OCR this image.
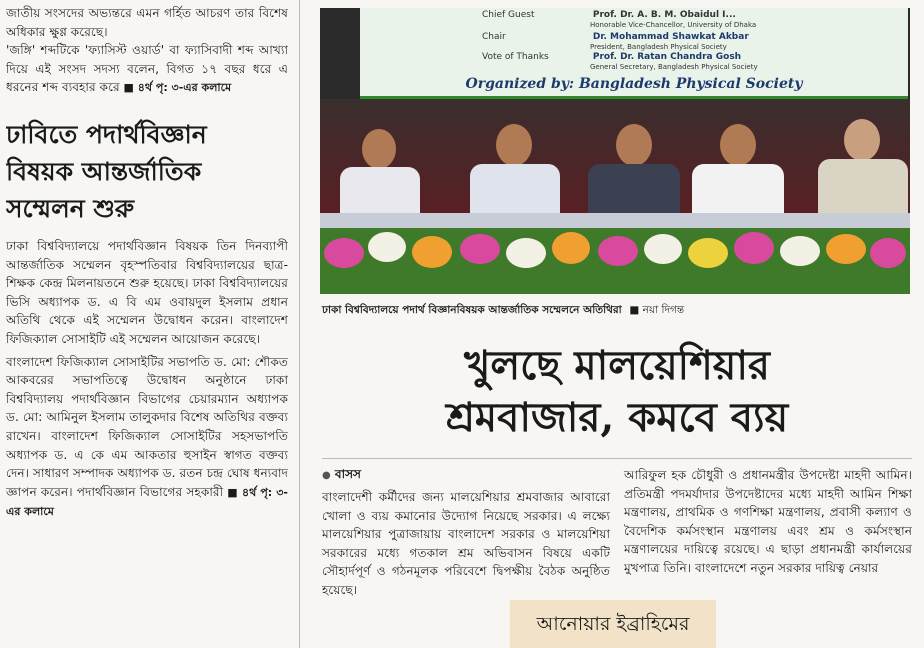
জাতীয় সংসদের অভ্যন্তরে এমন গর্হিত আচরণ তার বিশেষ অধিকার ক্ষুণ্ণ করেছে।

'জঙ্গি' শব্দটিকে 'ফ্যাসিস্ট ওয়ার্ড' বা ফ্যাসিবাদী শব্দ আখ্যা দিয়ে এই সংসদ সদস্য বলেন, বিগত ১৭ বছর ধরে এ ধরনের শব্দ ব্যবহার করে ■ ৪র্থ পৃ: ৩-এর কলামে

ঢাবিতে পদার্থবিজ্ঞান

বিষয়ক আন্তর্জাতিক

সম্মেলন শুরু

ঢাকা বিশ্ববিদ্যালয়ে পদার্থবিজ্ঞান বিষয়ক তিন দিনব্যাপী আন্তর্জাতিক সম্মেলন বৃহস্পতিবার বিশ্ববিদ্যালয়ের ছাত্র-শিক্ষক কেন্দ্র মিলনায়তনে শুরু হয়েছে। ঢাকা বিশ্ববিদ্যালয়ের ভিসি অধ্যাপক ড. এ বি এম ওবায়দুল ইসলাম প্রধান অতিথি থেকে এই সম্মেলন উদ্বোধন করেন। বাংলাদেশ ফিজিক্যাল সোসাইটি এই সম্মেলন আয়োজন করেছে।

বাংলাদেশ ফিজিক্যাল সোসাইটির সভাপতি ড. মো: শৌকত আকবরের সভাপতিত্বে উদ্বোধন অনুষ্ঠানে ঢাকা বিশ্ববিদ্যালয় পদার্থবিজ্ঞান বিভাগের চেয়ারম্যান অধ্যাপক ড. মো: আমিনুল ইসলাম তালুকদার বিশেষ অতিথির বক্তব্য রাখেন। বাংলাদেশ ফিজিক্যাল সোসাইটির সহসভাপতি অধ্যাপক ড. এ কে এম আকতার হুসাইন স্বাগত বক্তব্য দেন। সাধারণ সম্পাদক অধ্যাপক ড. রতন চন্দ্র ঘোষ ধন্যবাদ জ্ঞাপন করেন। পদার্থবিজ্ঞান বিভাগের সহকারী ■ ৪র্থ পৃ: ৩-এর কলামে

Chief Guest	Prof. Dr. A. B. M. Obaidul I...
Honorable Vice-Chancellor, University of Dhaka
Chair	Dr. Mohammad Shawkat Akbar
President, Bangladesh Physical Society
Vote of Thanks	Prof. Dr. Ratan Chandra Gosh
General Secretary, Bangladesh Physical Society
Organized by: Bangladesh Physical Society
ঢাকা বিশ্ববিদ্যালয়ে পদার্থ বিজ্ঞানবিষয়ক আন্তর্জাতিক সম্মেলনে অতিথিরা ■ নয়া দিগন্ত
খুলছে মালয়েশিয়ার
শ্রমবাজার, কমবে ব্যয়

● বাসস

বাংলাদেশী কর্মীদের জন্য মালয়েশিয়ার শ্রমবাজার আবারো খোলা ও ব্যয় কমানোর উদ্যোগ নিয়েছে সরকার। এ লক্ষ্যে মালয়েশিয়ার পুত্রাজায়ায় বাংলাদেশ সরকার ও মালয়েশিয়া সরকারের মধ্যে গতকাল শ্রম অভিবাসন বিষয়ে একটি সৌহার্দপূর্ণ ও গঠনমূলক পরিবেশে দ্বিপক্ষীয় বৈঠক অনুষ্ঠিত হয়েছে।

আরিফুল হক চৌধুরী ও প্রধানমন্ত্রীর উপদেষ্টা মাহদী আমিন। প্রতিমন্ত্রী পদমর্যাদার উপদেষ্টাদের মধ্যে মাহদী আমিন শিক্ষা মন্ত্রণালয়, প্রাথমিক ও গণশিক্ষা মন্ত্রণালয়, প্রবাসী কল্যাণ ও বৈদেশিক কর্মসংস্থান মন্ত্রণালয় এবং শ্রম ও কর্মসংস্থান মন্ত্রণালয়ের দায়িত্বে রয়েছে। এ ছাড়া প্রধানমন্ত্রী কার্যালয়ের মুখপাত্র তিনি। বাংলাদেশে নতুন সরকার দায়িত্ব নেয়ার

আনোয়ার ইব্রাহিমের
